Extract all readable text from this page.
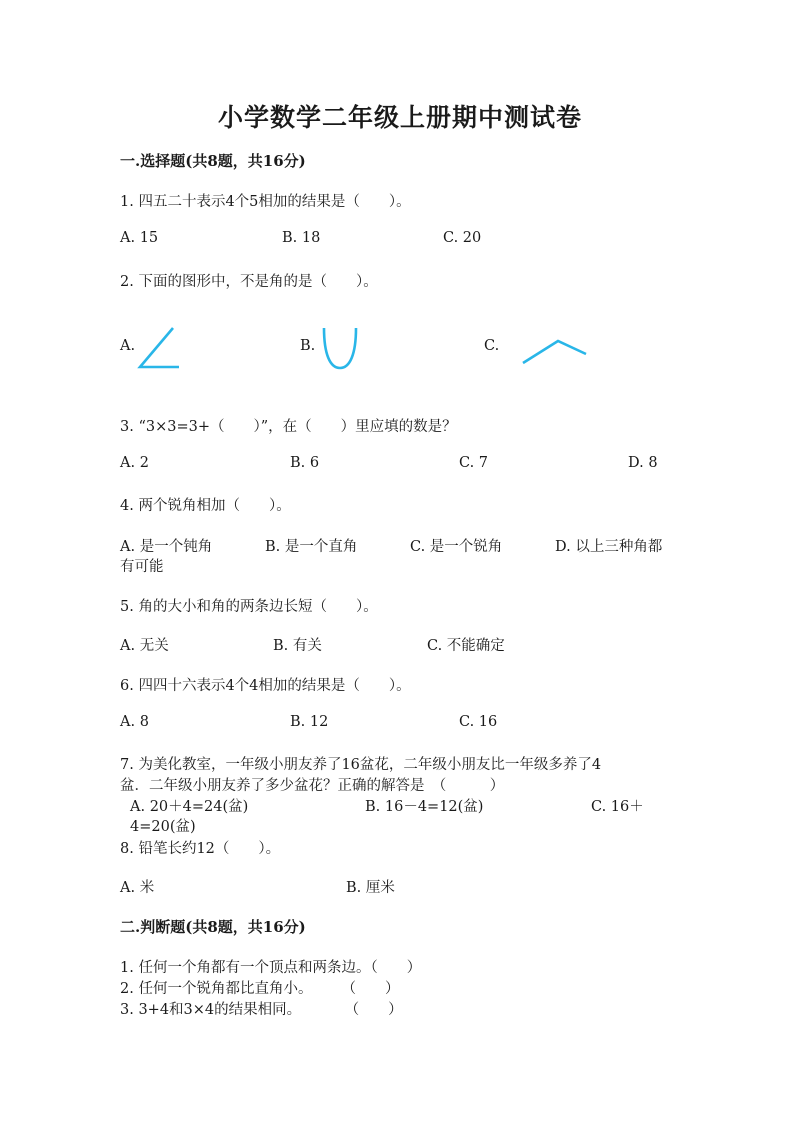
小学数学二年级上册期中测试卷
一.选择题(共8题，共16分)
1. 四五二十表示4个5相加的结果是（　　）。
A. 15	B. 18	C. 20
2. 下面的图形中，不是角的是（　　）。
A.	B.	C.
3. “3×3=3+（　　）”，在（　　）里应填的数是？
A. 2	B. 6	C. 7	D. 8
4. 两个锐角相加（　　）。
A. 是一个钝角	B. 是一个直角	C. 是一个锐角	D. 以上三种角都
有可能
5. 角的大小和角的两条边长短（　　）。
A. 无关	B. 有关	C. 不能确定
6. 四四十六表示4个4相加的结果是（　　）。
A. 8	B. 12	C. 16
7. 为美化教室，一年级小朋友养了16盆花，二年级小朋友比一年级多养了4
盆．二年级小朋友养了多少盆花？正确的解答是　（　　　）
A. 20＋4=24(盆)	B. 16－4=12(盆)	C. 16＋
4=20(盆)
8. 铅笔长约12（　　）。
A. 米	B. 厘米
二.判断题(共8题，共16分)
1. 任何一个角都有一个顶点和两条边。（　　）
2. 任何一个锐角都比直角小。　　　（　　）
3. 3+4和3×4的结果相同。　　　　（　　）
